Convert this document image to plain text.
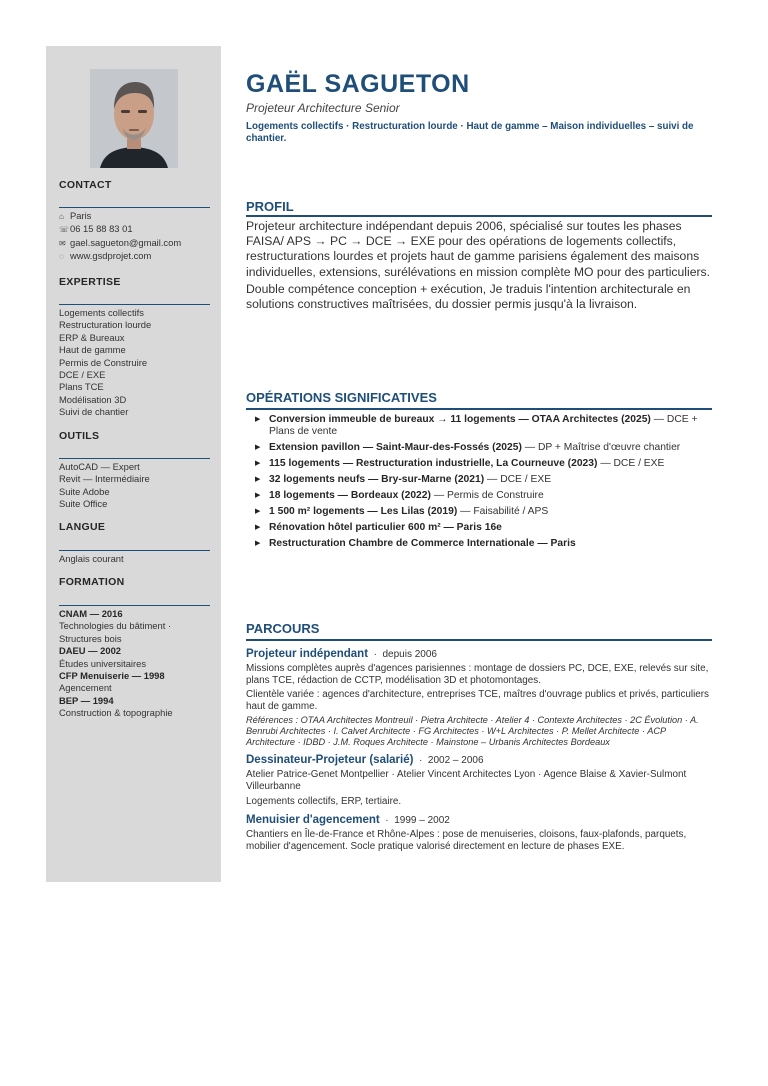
CONTACT
⌂ Paris
☏06 15 88 83 01
✉ gael.sagueton@gmail.com
◌ www.gsdprojet.com
EXPERTISE
Logements collectifs
Restructuration lourde
ERP & Bureaux
Haut de gamme
Permis de Construire
DCE / EXE
Plans TCE
Modélisation 3D
Suivi de chantier
OUTILS
AutoCAD — Expert
Revit — Intermédiaire
Suite Adobe
Suite Office
LANGUE
Anglais courant
FORMATION
CNAM — 2016
Technologies du bâtiment ·
Structures bois
DAEU — 2002
Études universitaires
CFP Menuiserie — 1998
Agencement
BEP — 1994
Construction & topographie
GAËL SAGUETON

Projeteur Architecture Senior

Logements collectifs · Restructuration lourde · Haut de gamme – Maison individuelles – suivi de chantier.

PROFIL

Projeteur architecture indépendant depuis 2006, spécialisé sur toutes les phases FAISA/ APS → PC → DCE → EXE pour des opérations de logements collectifs, restructurations lourdes et projets haut de gamme parisiens également des maisons individuelles, extensions, surélévations en mission complète MO pour des particuliers.

Double compétence conception + exécution, Je traduis l'intention architecturale en solutions constructives maîtrisées, du dossier permis jusqu'à la livraison.

OPÉRATIONS SIGNIFICATIVES
▶ Conversion immeuble de bureaux → 11 logements — OTAA Architectes (2025) — DCE + Plans de vente
▶ Extension pavillon — Saint-Maur-des-Fossés (2025) — DP + Maîtrise d'œuvre chantier
▶ 115 logements — Restructuration industrielle, La Courneuve (2023) — DCE / EXE
▶ 32 logements neufs — Bry-sur-Marne (2021) — DCE / EXE
▶ 18 logements — Bordeaux (2022) — Permis de Construire
▶ 1 500 m² logements — Les Lilas (2019) — Faisabilité / APS
▶ Rénovation hôtel particulier 600 m² — Paris 16e
▶ Restructuration Chambre de Commerce Internationale — Paris
PARCOURS

Projeteur indépendant  ·  depuis 2006

Missions complètes auprès d'agences parisiennes : montage de dossiers PC, DCE, EXE, relevés sur site, plans TCE, rédaction de CCTP, modélisation 3D et photomontages.

Clientèle variée : agences d'architecture, entreprises TCE, maîtres d'ouvrage publics et privés, particuliers haut de gamme.

Références : OTAA Architectes Montreuil · Pietra Architecte · Atelier 4 · Contexte Architectes · 2C Évolution · A. Benrubi Architectes · I. Calvet Architecte · FG Architectes · W+L Architectes · P. Mellet Architecte · ACP Architecture · IDBD · J.M. Roques Architecte · Mainstone – Urbanis Architectes Bordeaux

Dessinateur-Projeteur (salarié)  ·  2002 – 2006

Atelier Patrice-Genet Montpellier · Atelier Vincent Architectes Lyon · Agence Blaise & Xavier-Sulmont Villeurbanne

Logements collectifs, ERP, tertiaire.

Menuisier d'agencement  ·  1999 – 2002

Chantiers en Île-de-France et Rhône-Alpes : pose de menuiseries, cloisons, faux-plafonds, parquets, mobilier d'agencement. Socle pratique valorisé directement en lecture de phases EXE.
